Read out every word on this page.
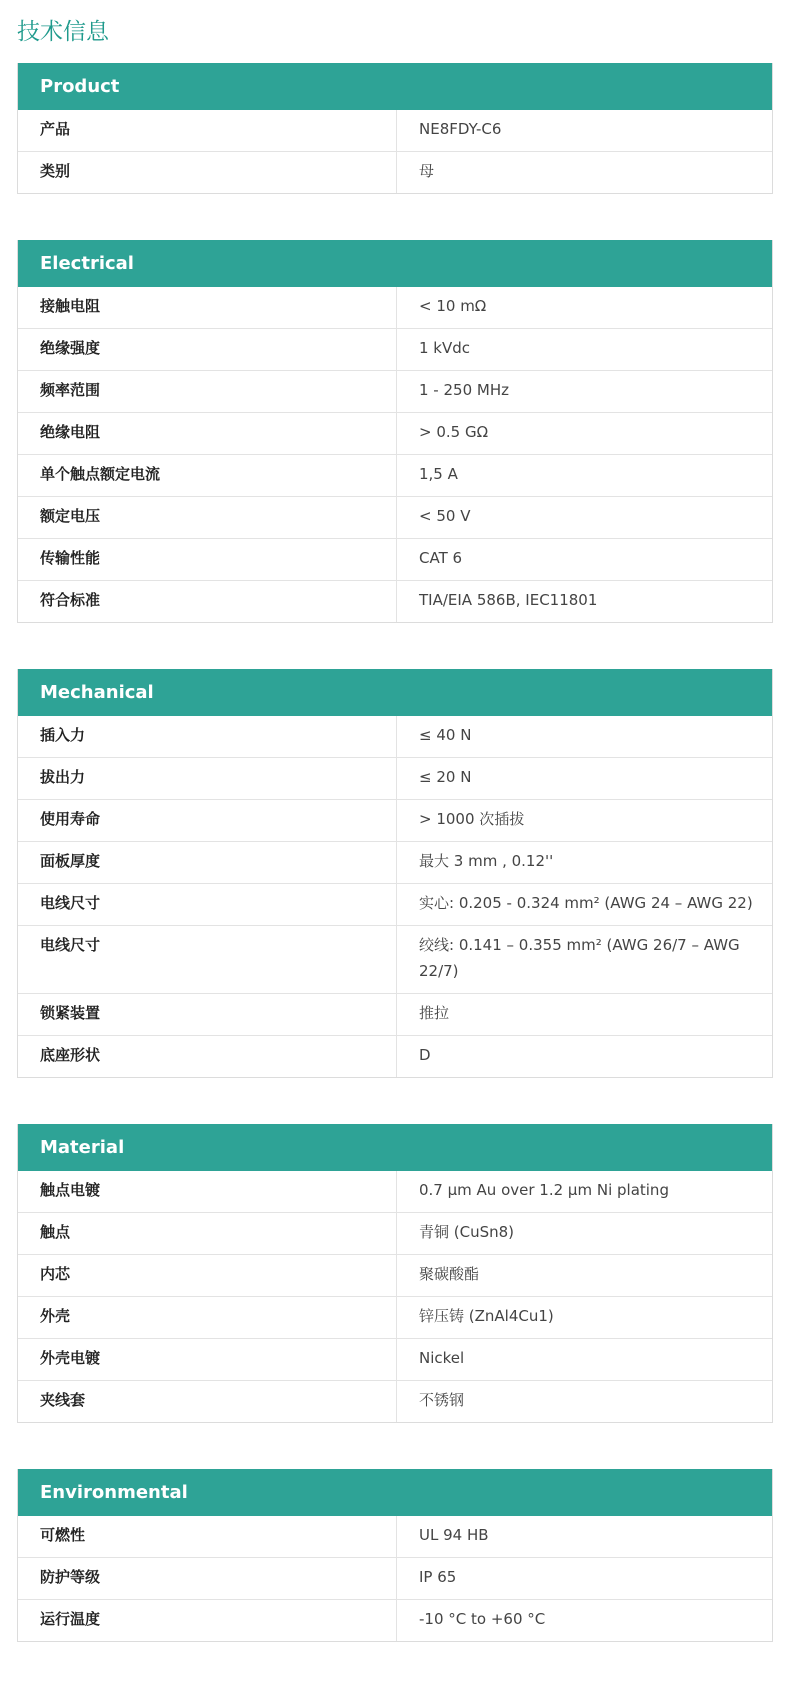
技术信息
Product
产品	NE8FDY-C6
类别	母
Electrical
接触电阻	< 10 mΩ
绝缘强度	1 kVdc
频率范围	1 - 250 MHz
绝缘电阻	> 0.5 GΩ
单个触点额定电流	1,5 A
额定电压	< 50 V
传输性能	CAT 6
符合标准	TIA/EIA 586B, IEC11801
Mechanical
插入力	≤ 40 N
拔出力	≤ 20 N
使用寿命	> 1000 次插拔
面板厚度	最大 3 mm , 0.12''
电线尺寸	实心: 0.205 - 0.324 mm² (AWG 24 – AWG 22)
电线尺寸	绞线: 0.141 – 0.355 mm² (AWG 26/7 – AWG 22/7)
锁紧装置	推拉
底座形状	D
Material
触点电镀	0.7 µm Au over 1.2 µm Ni plating
触点	青铜 (CuSn8)
内芯	聚碳酸酯
外壳	锌压铸 (ZnAl4Cu1)
外壳电镀	Nickel
夹线套	不锈钢
Environmental
可燃性	UL 94 HB
防护等级	IP 65
运行温度	-10 °C to +60 °C
